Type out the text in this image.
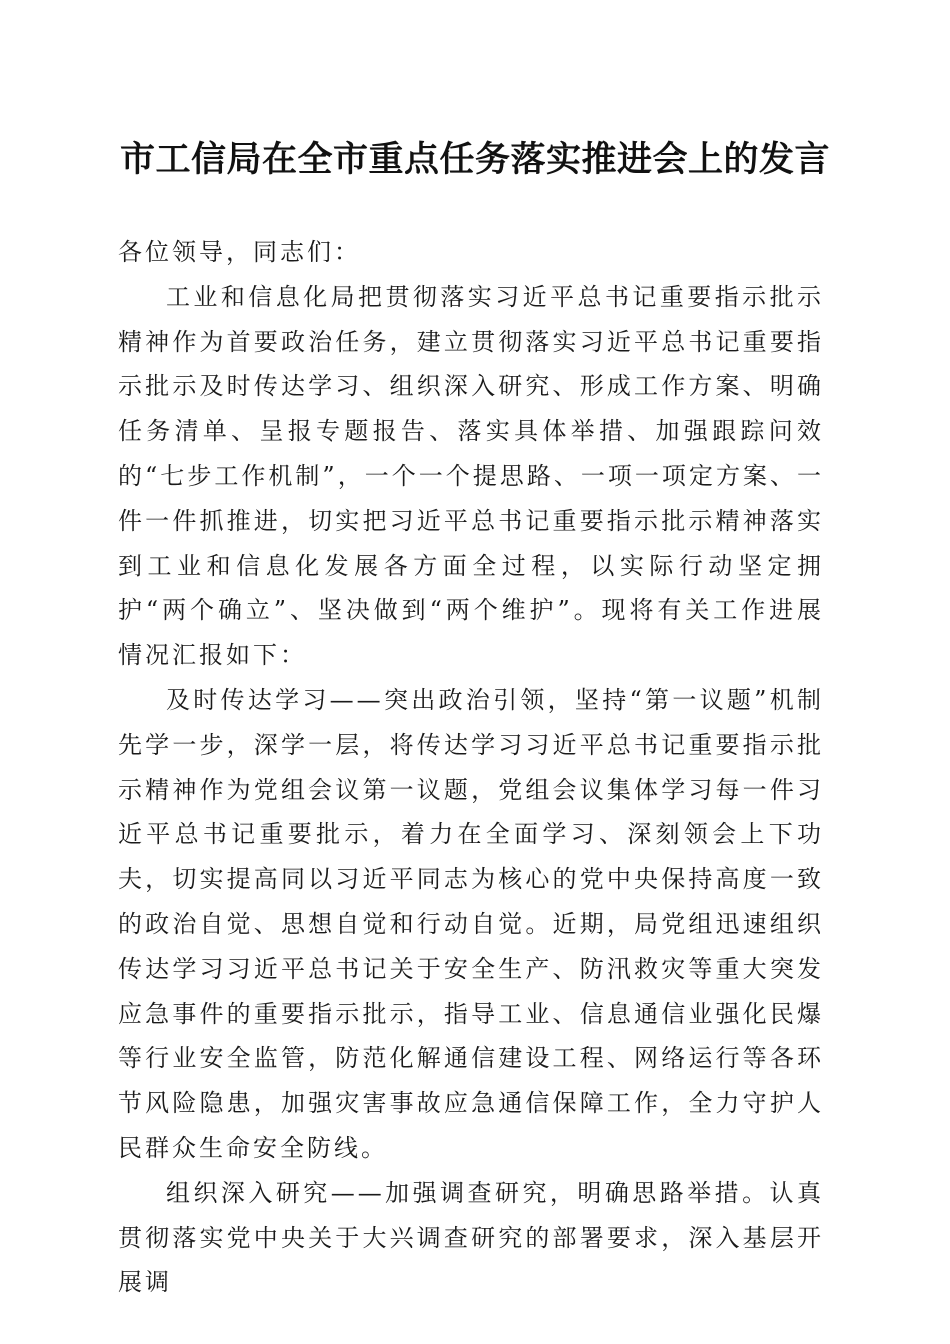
市工信局在全市重点任务落实推进会上的发言

各位领导，同志们：

工业和信息化局把贯彻落实习近平总书记重要指示批示精神作为首要政治任务，建立贯彻落实习近平总书记重要指示批示及时传达学习、组织深入研究、形成工作方案、明确任务清单、呈报专题报告、落实具体举措、加强跟踪问效的“七步工作机制”，一个一个提思路、一项一项定方案、一件一件抓推进，切实把习近平总书记重要指示批示精神落实到工业和信息化发展各方面全过程，以实际行动坚定拥护“两个确立”、坚决做到“两个维护”。现将有关工作进展情况汇报如下：

及时传达学习——突出政治引领，坚持“第一议题”机制先学一步，深学一层，将传达学习习近平总书记重要指示批示精神作为党组会议第一议题，党组会议集体学习每一件习近平总书记重要批示，着力在全面学习、深刻领会上下功夫，切实提高同以习近平同志为核心的党中央保持高度一致的政治自觉、思想自觉和行动自觉。近期，局党组迅速组织传达学习习近平总书记关于安全生产、防汛救灾等重大突发应急事件的重要指示批示，指导工业、信息通信业强化民爆等行业安全监管，防范化解通信建设工程、网络运行等各环节风险隐患，加强灾害事故应急通信保障工作，全力守护人民群众生命安全防线。

组织深入研究——加强调查研究，明确思路举措。认真贯彻落实党中央关于大兴调查研究的部署要求，深入基层开展调
